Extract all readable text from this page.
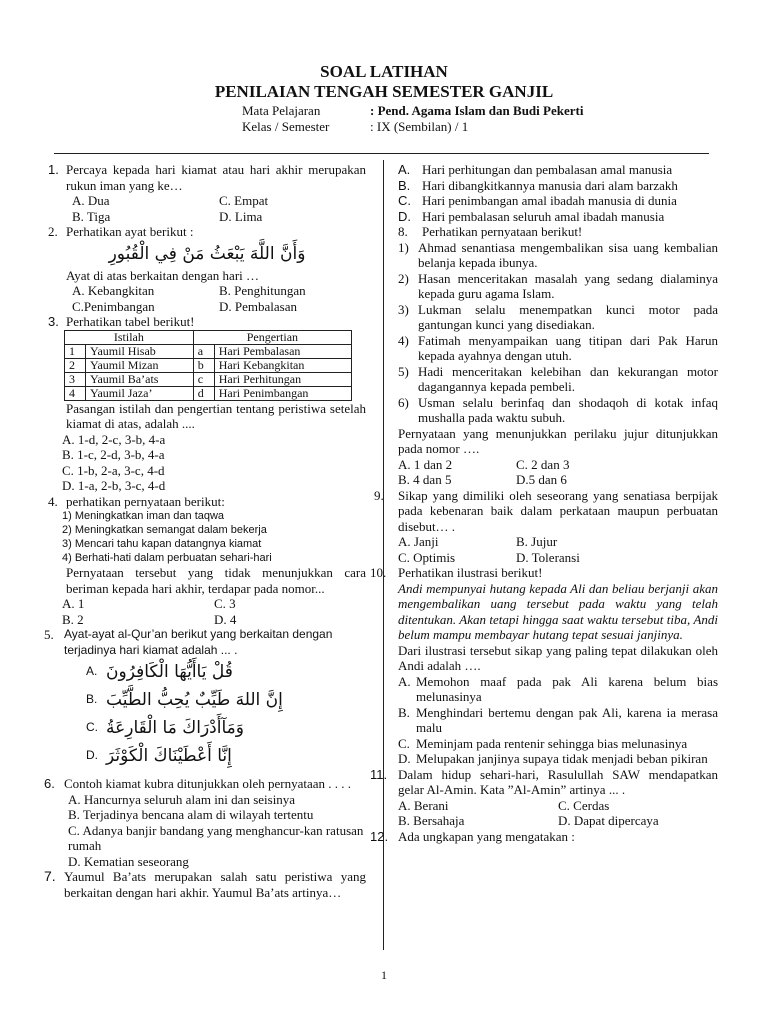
SOAL LATIHAN
PENILAIAN TENGAH SEMESTER GANJIL
Mata Pelajaran	: Pend. Agama Islam dan Budi Pekerti
Kelas / Semester	: IX (Sembilan) / 1
1. Percaya kepada hari kiamat atau hari akhir merupakan rukun iman yang ke…
A. Dua	C. Empat
B. Tiga	D. Lima
2. Perhatikan ayat berikut :
وَأَنَّ اللَّهَ يَبْعَثُ مَنْ فِي الْقُبُورِ
Ayat di atas berkaitan dengan hari …
A. Kebangkitan	B. Penghitungan
C.Penimbangan	D. Pembalasan
3. Perhatikan tabel berikut!
Istilah		Pengertian	
1	Yaumil Hisab	a	Hari Pembalasan
2	Yaumil Mizan	b	Hari Kebangkitan
3	Yaumil Ba’ats	c	Hari Perhitungan
4	Yaumil Jaza’	d	Hari Penimbangan
Pasangan istilah dan pengertian tentang peristiwa setelah kiamat di atas, adalah ....
A. 1-d, 2-c, 3-b, 4-a
B. 1-c, 2-d, 3-b, 4-a
C. 1-b, 2-a, 3-c, 4-d
D. 1-a, 2-b, 3-c, 4-d
4. perhatikan pernyataan berikut:
1) Meningkatkan iman dan taqwa
2) Meningkatkan semangat dalam bekerja
3) Mencari tahu kapan datangnya kiamat
4) Berhati-hati dalam perbuatan sehari-hari
Pernyataan tersebut yang tidak menunjukkan cara beriman kepada hari akhir, terdapar pada nomor...
A. 1	C. 3
B. 2	D. 4
5. Ayat-ayat al-Qur’an berikut yang berkaitan dengan terjadinya hari kiamat adalah ... .
A. قُلْ يَاأَيُّهَا الْكَافِرُونَ
B. إِنَّ اللهَ طَيِّبٌ يُحِبُّ الطَّيِّبَ
C. وَمَآأَدْرَاكَ مَا الْقَارِعَةُ
D. إِنَّا أَعْطَيْنَاكَ الْكَوْثَرَ
6. Contoh kiamat kubra ditunjukkan oleh pernyataan . . . .
A. Hancurnya seluruh alam ini dan seisinya
B. Terjadinya bencana alam di wilayah tertentu
C. Adanya banjir bandang yang menghancur-kan ratusan rumah
D. Kematian seseorang
7. Yaumul Ba’ats merupakan salah satu peristiwa yang berkaitan dengan hari akhir. Yaumul Ba’ats artinya…
A. Hari perhitungan dan pembalasan amal manusia
B. Hari dibangkitkannya manusia dari alam barzakh
C. Hari penimbangan amal ibadah manusia di dunia
D. Hari pembalasan seluruh amal ibadah manusia
8. Perhatikan pernyataan berikut!
1) Ahmad senantiasa mengembalikan sisa uang kembalian belanja kepada ibunya.
2) Hasan menceritakan masalah yang sedang dialaminya kepada guru agama Islam.
3) Lukman selalu menempatkan kunci motor pada gantungan kunci yang disediakan.
4) Fatimah menyampaikan uang titipan dari Pak Harun kepada ayahnya dengan utuh.
5) Hadi menceritakan kelebihan dan kekurangan motor dagangannya kepada pembeli.
6) Usman selalu berinfaq dan shodaqoh di kotak infaq mushalla pada waktu subuh.
Pernyataan yang menunjukkan perilaku jujur ditunjukkan pada nomor ….
A. 1 dan 2	C. 2 dan 3
B. 4 dan 5	D.5 dan 6
9. Sikap yang dimiliki oleh seseorang yang senatiasa berpijak pada kebenaran baik dalam perkataan maupun perbuatan disebut… .
A. Janji	B. Jujur
C. Optimis	D. Toleransi
10. Perhatikan ilustrasi berikut!
Andi mempunyai hutang kepada Ali dan beliau berjanji akan mengembalikan uang tersebut pada waktu yang telah ditentukan. Akan tetapi hingga saat waktu tersebut tiba, Andi belum mampu membayar hutang tepat sesuai janjinya.
Dari ilustrasi tersebut sikap yang paling tepat dilakukan oleh Andi adalah ….
A. Memohon maaf pada pak Ali karena belum bias melunasinya
B. Menghindari bertemu dengan pak Ali, karena ia merasa malu
C. Meminjam pada rentenir sehingga bias melunasinya
D. Melupakan janjinya supaya tidak menjadi beban pikiran
11. Dalam hidup sehari-hari, Rasulullah SAW mendapatkan gelar Al-Amin. Kata ”Al-Amin” artinya ... .
A. Berani	C. Cerdas
B. Bersahaja	D. Dapat dipercaya
12. Ada ungkapan yang mengatakan :
1
